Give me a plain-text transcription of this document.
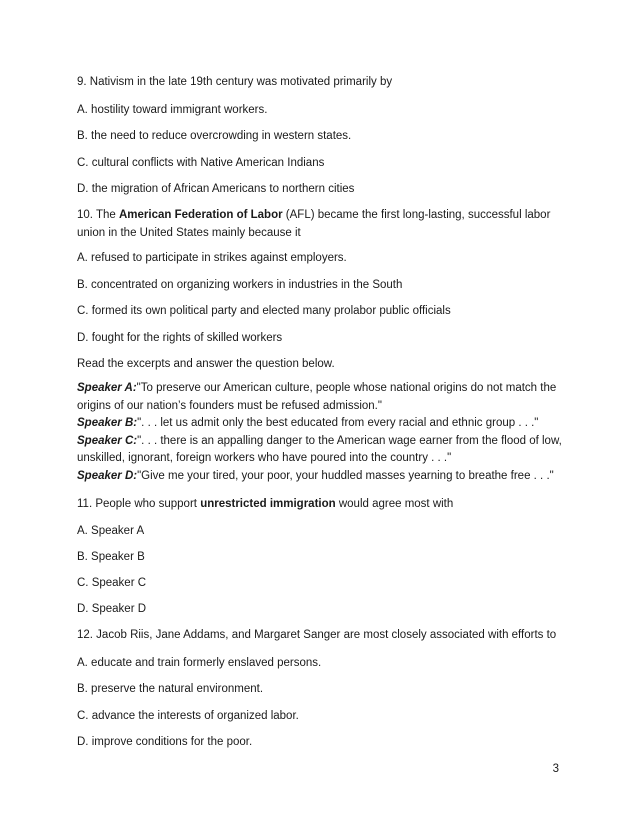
9. Nativism in the late 19th century was motivated primarily by
A. hostility toward immigrant workers.
B. the need to reduce overcrowding in western states.
C. cultural conflicts with Native American Indians
D. the migration of African Americans to northern cities
10. The American Federation of Labor (AFL) became the first long-lasting, successful labor union in the United States mainly because it
A. refused to participate in strikes against employers.
B. concentrated on organizing workers in industries in the South
C. formed its own political party and elected many prolabor public officials
D. fought for the rights of skilled workers
Read the excerpts and answer the question below.
Speaker A:"To preserve our American culture, people whose national origins do not match the origins of our nation’s founders must be refused admission."
Speaker B:". . . let us admit only the best educated from every racial and ethnic group . . ."
Speaker C:". . . there is an appalling danger to the American wage earner from the flood of low, unskilled, ignorant, foreign workers who have poured into the country . . ."
Speaker D:"Give me your tired, your poor, your huddled masses yearning to breathe free . . ."
11. People who support unrestricted immigration would agree most with
A. Speaker A
B. Speaker B
C. Speaker C
D. Speaker D
12. Jacob Riis, Jane Addams, and Margaret Sanger are most closely associated with efforts to
A. educate and train formerly enslaved persons.
B. preserve the natural environment.
C. advance the interests of organized labor.
D. improve conditions for the poor.
3
